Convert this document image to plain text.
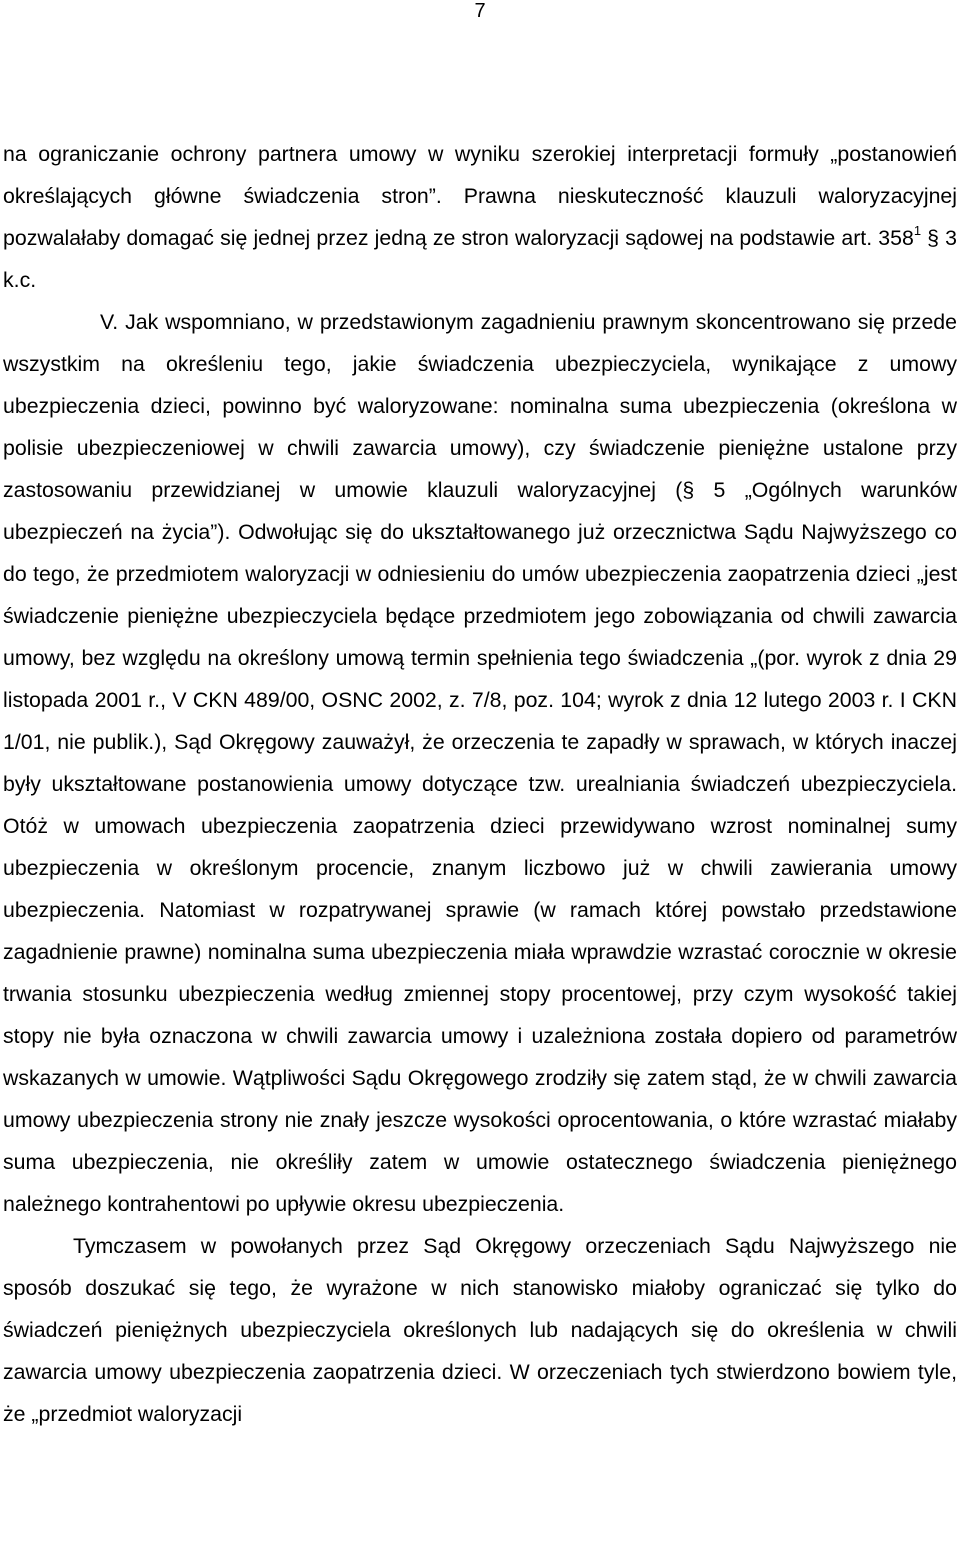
7

na ograniczanie ochrony partnera umowy w wyniku szerokiej interpretacji formuły „postanowień określających główne świadczenia stron”. Prawna nieskuteczność klauzuli waloryzacyjnej pozwalałaby domagać się jednej przez jedną ze stron waloryzacji sądowej na podstawie art. $358^1$ § 3 k.c.

V. Jak wspomniano, w przedstawionym zagadnieniu prawnym skoncentrowano się przede wszystkim na określeniu tego, jakie świadczenia ubezpieczyciela, wynikające z umowy ubezpieczenia dzieci, powinno być waloryzowane: nominalna suma ubezpieczenia (określona w polisie ubezpieczeniowej w chwili zawarcia umowy), czy świadczenie pieniężne ustalone przy zastosowaniu przewidzianej w umowie klauzuli waloryzacyjnej (§ 5 „Ogólnych warunków ubezpieczeń na życia”). Odwołując się do ukształtowanego już orzecznictwa Sądu Najwyższego co do tego, że przedmiotem waloryzacji w odniesieniu do umów ubezpieczenia zaopatrzenia dzieci „jest świadczenie pieniężne ubezpieczyciela będące przedmiotem jego zobowiązania od chwili zawarcia umowy, bez względu na określony umową termin spełnienia tego świadczenia „(por. wyrok z dnia 29 listopada 2001 r., V CKN 489/00, OSNC 2002, z. 7/8, poz. 104; wyrok z dnia 12 lutego 2003 r. I CKN 1/01, nie publik.), Sąd Okręgowy zauważył, że orzeczenia te zapadły w sprawach, w których inaczej były ukształtowane postanowienia umowy dotyczące tzw. urealniania świadczeń ubezpieczyciela. Otóż w umowach ubezpieczenia zaopatrzenia dzieci przewidywano wzrost nominalnej sumy ubezpieczenia w określonym procencie, znanym liczbowo już w chwili zawierania umowy ubezpieczenia. Natomiast w rozpatrywanej sprawie (w ramach której powstało przedstawione zagadnienie prawne) nominalna suma ubezpieczenia miała wprawdzie wzrastać corocznie w okresie trwania stosunku ubezpieczenia według zmiennej stopy procentowej, przy czym wysokość takiej stopy nie była oznaczona w chwili zawarcia umowy i uzależniona została dopiero od parametrów wskazanych w umowie. Wątpliwości Sądu Okręgowego zrodziły się zatem stąd, że w chwili zawarcia umowy ubezpieczenia strony nie znały jeszcze wysokości oprocentowania, o które wzrastać miałaby suma ubezpieczenia, nie określiły zatem w umowie ostatecznego świadczenia pieniężnego należnego kontrahentowi po upływie okresu ubezpieczenia.

Tymczasem w powołanych przez Sąd Okręgowy orzeczeniach Sądu Najwyższego nie sposób doszukać się tego, że wyrażone w nich stanowisko miałoby ograniczać się tylko do świadczeń pieniężnych ubezpieczyciela określonych lub nadających się do określenia w chwili zawarcia umowy ubezpieczenia zaopatrzenia dzieci. W orzeczeniach tych stwierdzono bowiem tyle, że „przedmiot waloryzacji
